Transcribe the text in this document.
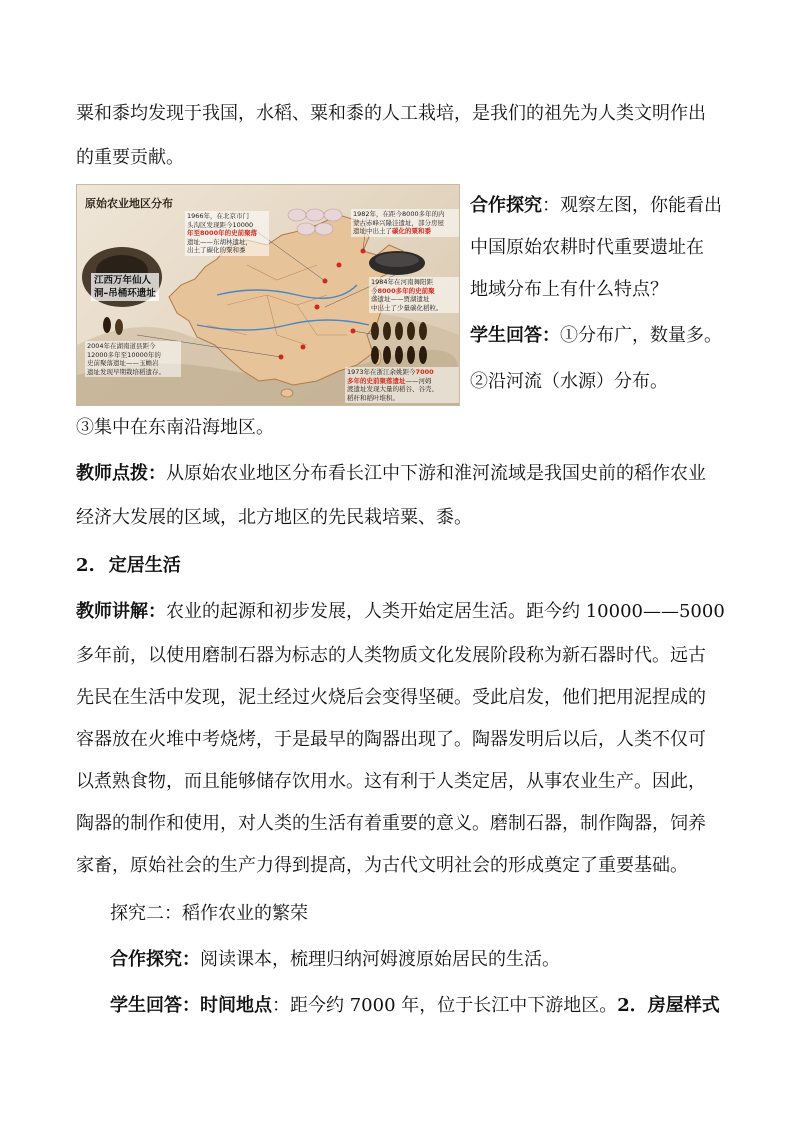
粟和黍均发现于我国，水稻、粟和黍的人工栽培，是我们的祖先为人类文明作出
的重要贡献。
原始农业地区分布
1966年，在北京市门
头沟区发现距今10000
年至8000年的史前聚落
遗址——东胡林遗址，
出土了碳化的粟和黍
1982年，在距今8000多年的内
蒙古赤峰兴隆洼遗址，部分房屋
遗址中出土了碳化的粟和黍
1984年在河南舞阳距
今8000多年的史前聚
落遗址——贾湖遗址
中出土了少量碳化稻粒。
江西万年仙人
洞–吊桶环遗址
2004年在湖南道县距今
12000多年至10000年的
史前聚落遗址——玉蟾岩
遗址发现早期栽培稻遗存。	1973年在浙江余姚距今7000
多年的史前聚落遗址——河姆
渡遗址发现大量的稻谷、谷壳、
稻秆和稻叶堆积。
合作探究：观察左图，你能看出
中国原始农耕时代重要遗址在
地域分布上有什么特点？
学生回答：①分布广，数量多。
②沿河流（水源）分布。
③集中在东南沿海地区。
教师点拨：从原始农业地区分布看长江中下游和淮河流域是我国史前的稻作农业
经济大发展的区域，北方地区的先民栽培粟、黍。
2. 定居生活
教师讲解：农业的起源和初步发展，人类开始定居生活。距今约 10000——5000
多年前，以使用磨制石器为标志的人类物质文化发展阶段称为新石器时代。远古
先民在生活中发现，泥土经过火烧后会变得坚硬。受此启发，他们把用泥捏成的
容器放在火堆中考烧烤，于是最早的陶器出现了。陶器发明后以后，人类不仅可
以煮熟食物，而且能够储存饮用水。这有利于人类定居，从事农业生产。因此，
陶器的制作和使用，对人类的生活有着重要的意义。磨制石器，制作陶器，饲养
家畜，原始社会的生产力得到提高，为古代文明社会的形成奠定了重要基础。
探究二：稻作农业的繁荣
合作探究：阅读课本，梳理归纳河姆渡原始居民的生活。
学生回答：时间地点：距今约 7000 年，位于长江中下游地区。2．房屋样式
